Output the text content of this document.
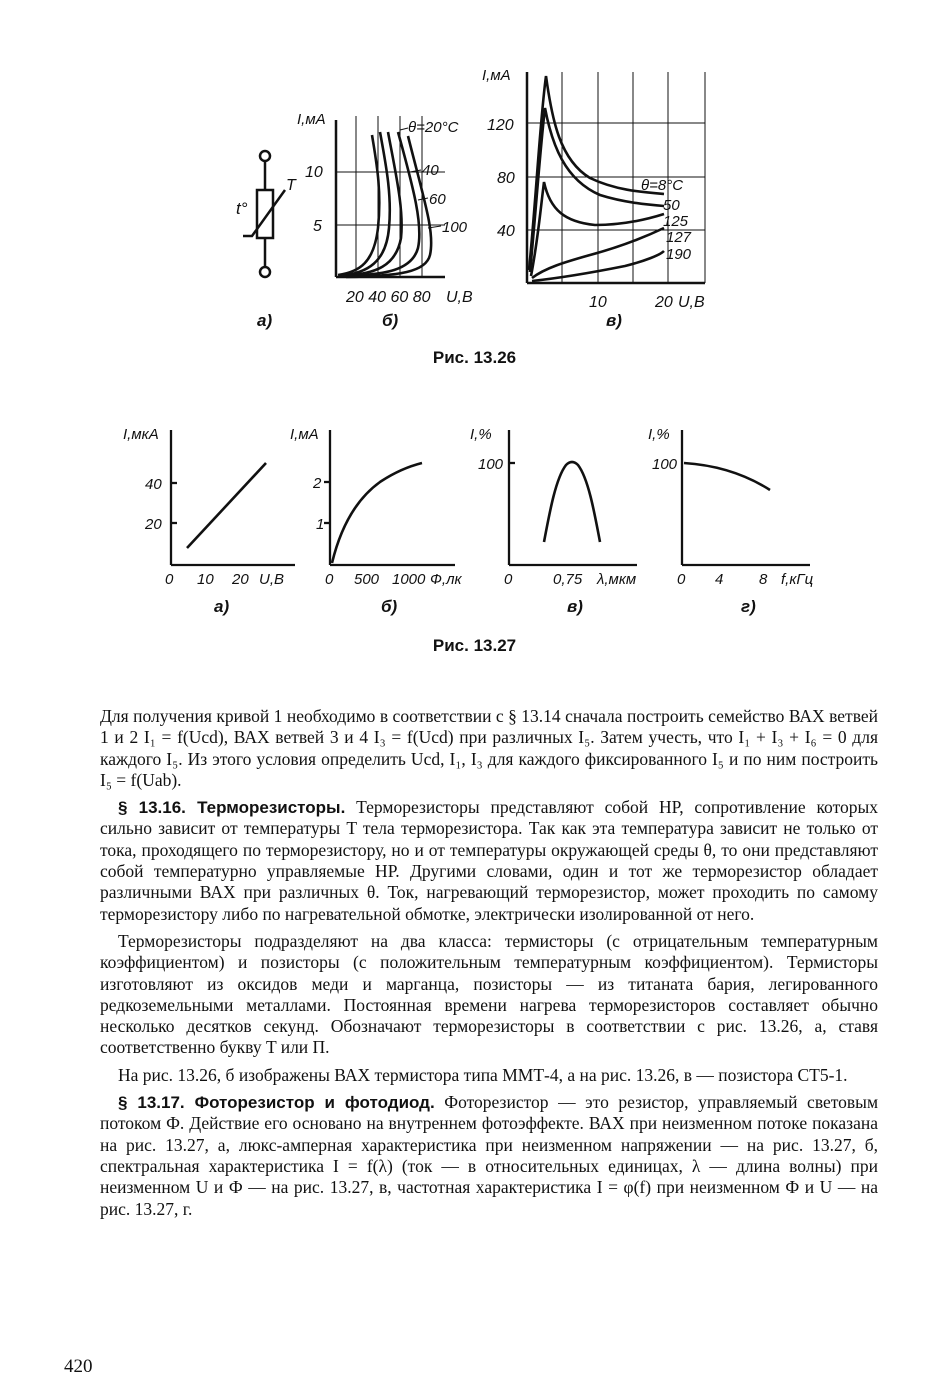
t°
T
а)
I,мА
10
5
20 40 60 80 U,B
θ=20°C
40
60
100
б)
I,мА
120
80
40
10	20 U,B
θ=8°C
50
125
127
190
в)
I,мкА
40
20
0 10 20 U,B
а)
I,мА
2
1
0 500 1000 Ф,лк
б)
I,%
100
0	0,75 λ,мкм
в)
I,%
100
0 4 8 f,кГц
г)
Рис. 13.26
Рис. 13.27

Для получения кривой 1 необходимо в соответствии с § 13.14 сначала построить семейство ВАХ ветвей 1 и 2 I₁ = f(Ucd), ВАХ ветвей 3 и 4 I₃ = f(Ucd) при различных I₅. Затем учесть, что I₁ + I₃ + I₆ = 0 для каждого I₅. Из этого условия определить Ucd, I₁, I₃ для каждого фиксированного I₅ и по ним построить I₅ = f(Uab).

§ 13.16. Терморезисторы. Терморезисторы представляют собой НР, сопротивление которых сильно зависит от температуры T тела терморезистора. Так как эта температура зависит не только от тока, проходящего по терморезистору, но и от температуры окружающей среды θ, то они представляют собой температурно управляемые НР. Другими словами, один и тот же терморезистор обладает различными ВАХ при различных θ. Ток, нагревающий терморезистор, может проходить по самому терморезистору либо по нагревательной обмотке, электрически изолированной от него.

Терморезисторы подразделяют на два класса: термисторы (с отрицательным температурным коэффициентом) и позисторы (с положительным температурным коэффициентом). Термисторы изготовляют из оксидов меди и марганца, позисторы — из титаната бария, легированного редкоземельными металлами. Постоянная времени нагрева терморезисторов составляет обычно несколько десятков секунд. Обозначают терморезисторы в соответствии с рис. 13.26, а, ставя соответственно букву T или П.

На рис. 13.26, б изображены ВАХ термистора типа ММТ-4, а на рис. 13.26, в — позистора СТ5-1.

§ 13.17. Фоторезистор и фотодиод. Фоторезистор — это резистор, управляемый световым потоком Ф. Действие его основано на внутреннем фотоэффекте. ВАХ при неизменном потоке показана на рис. 13.27, а, люкс-амперная характеристика при неизменном напряжении — на рис. 13.27, б, спектральная характеристика I = f(λ) (ток — в относительных единицах, λ — длина волны) при неизменном U и Ф — на рис. 13.27, в, частотная характеристика I = φ(f) при неизменном Ф и U — на рис. 13.27, г.

420
